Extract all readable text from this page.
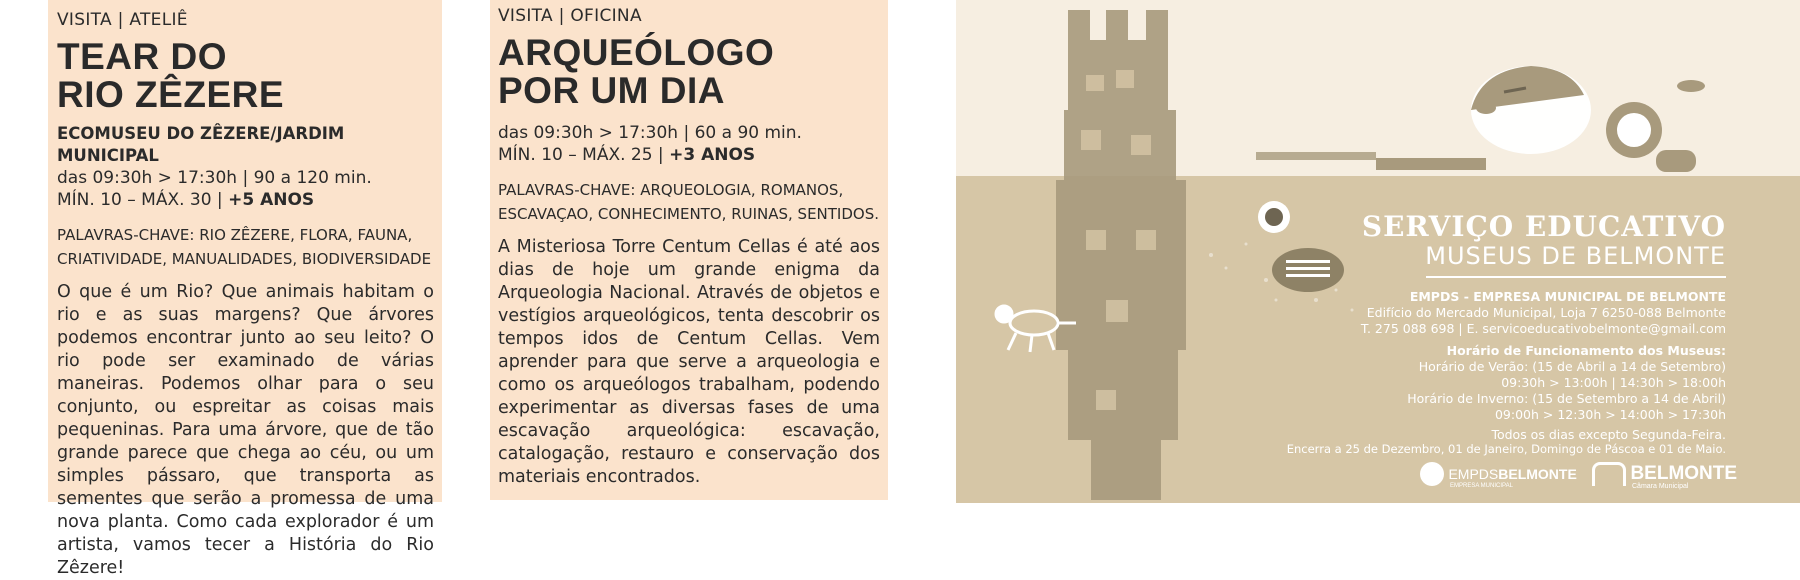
VISITA | ATELIÊ

TEAR DO
RIO ZÊZERE

ECOMUSEU DO ZÊZERE/JARDIM MUNICIPAL

das 09:30h > 17:30h | 90 a 120 min.

MÍN. 10 – MÁX. 30 | +5 ANOS

PALAVRAS-CHAVE: RIO ZÊZERE, FLORA, FAUNA,
CRIATIVIDADE, MANUALIDADES, BIODIVERSIDADE

O que é um Rio? Que animais habitam o rio e as suas margens? Que árvores podemos encontrar junto ao seu leito? O rio pode ser examinado de várias maneiras. Podemos olhar para o seu conjunto, ou espreitar as coisas mais pequeninas. Para uma árvore, que de tão grande parece que chega ao céu, ou um simples pássaro, que transporta as sementes que serão a promessa de uma nova planta. Como cada explorador é um artista, vamos tecer a História do Rio Zêzere!

VISITA | OFICINA

ARQUEÓLOGO
POR UM DIA

das 09:30h > 17:30h | 60 a 90 min.

MÍN. 10 – MÁX. 25 | +3 ANOS

PALAVRAS-CHAVE: ARQUEOLOGIA, ROMANOS,
ESCAVAÇAO, CONHECIMENTO, RUINAS, SENTIDOS.

A Misteriosa Torre Centum Cellas é até aos dias de hoje um grande enigma da Arqueologia Nacional. Através de objetos e vestígios arqueológicos, tenta descobrir os tempos idos de Centum Cellas. Vem aprender para que serve a arqueologia e como os arqueólogos trabalham, podendo experimentar as diversas fases de uma escavação arqueológica: escavação, catalogação, restauro e conservação dos materiais encontrados.

SERVIÇO EDUCATIVO
MUSEUS DE BELMONTE
EMPDS - EMPRESA MUNICIPAL DE BELMONTE
Edifício do Mercado Municipal, Loja 7 6250-088 Belmonte
T. 275 088 698 | E. servicoeducativobelmonte@gmail.com
Horário de Funcionamento dos Museus:
Horário de Verão: (15 de Abril a 14 de Setembro)
09:30h > 13:00h | 14:30h > 18:00h
Horário de Inverno: (15 de Setembro a 14 de Abril)
09:00h > 12:30h > 14:00h > 17:30h
Todos os dias excepto Segunda-Feira.
Encerra a 25 de Dezembro, 01 de Janeiro, Domingo de Páscoa e 01 de Maio.
EMPDSBELMONTE
EMPRESA MUNICIPAL
BELMONTE
Câmara Municipal
